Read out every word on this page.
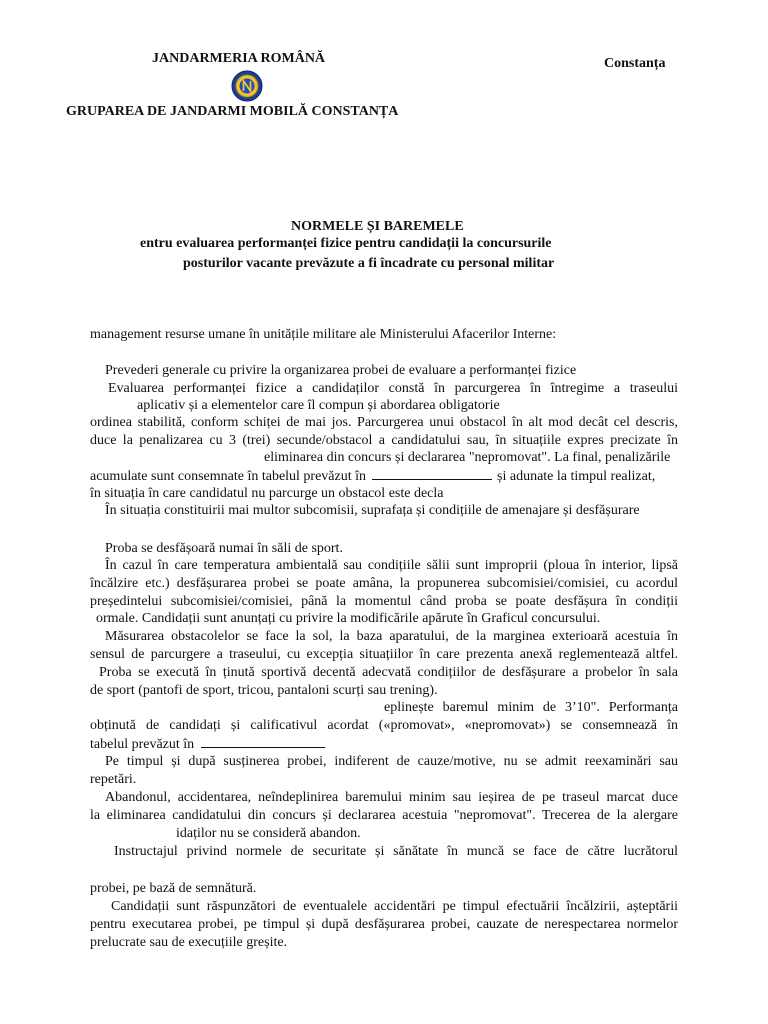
JANDARMERIA ROMÂNĂ	Constanța
GRUPAREA DE JANDARMI MOBILĂ CONSTANȚA
NORMELE ȘI BAREMELE
entru evaluarea performanței fizice pentru candidații la concursurile
posturilor vacante prevăzute a fi încadrate cu personal militar
management resurse umane în unitățile militare ale Ministerului Afacerilor Interne:
Prevederi generale cu privire la organizarea probei de evaluare a performanței fizice
Evaluarea performanței fizice a candidaților constă în parcurgerea în întregime a traseului
aplicativ și a elementelor care îl compun și abordarea obligatorie
ordinea stabilită, conform schiței de mai jos. Parcurgerea unui obstacol în alt mod decât cel descris,
duce la penalizarea cu 3 (trei) secunde/obstacol a candidatului sau, în situațiile expres precizate în
eliminarea din concurs și declararea "nepromovat". La final, penalizările
acumulate sunt consemnate în tabelul prevăzut în	și adunate la timpul realizat,
în situația în care candidatul nu parcurge un obstacol este decla
În situația constituirii mai multor subcomisii, suprafața și condițiile de amenajare și desfășurare
Proba se desfășoară numai în săli de sport.
În cazul în care temperatura ambientală sau condițiile sălii sunt improprii (ploua în interior, lipsă
încălzire etc.) desfășurarea probei se poate amâna, la propunerea subcomisiei/comisiei, cu acordul
președintelui subcomisiei/comisiei, până la momentul când proba se poate desfășura în condiții
ormale. Candidații sunt anunțați cu privire la modificările apărute în Graficul concursului.
Măsurarea obstacolelor se face la sol, la baza aparatului, de la marginea exterioară acestuia în
sensul de parcurgere a traseului, cu excepția situațiilor în care prezenta anexă reglementează altfel.
Proba se execută în ținută sportivă decentă adecvată condițiilor de desfășurare a probelor în sala
de sport (pantofi de sport, tricou, pantaloni scurți sau trening).
eplinește baremul minim de 3’10". Performanța
obținută de candidați și calificativul acordat («promovat», «nepromovat») se consemnează în
tabelul prevăzut în
Pe timpul și după susținerea probei, indiferent de cauze/motive, nu se admit reexaminări sau
repetări.
Abandonul, accidentarea, neîndeplinirea baremului minim sau ieșirea de pe traseul marcat duce
la eliminarea candidatului din concurs și declararea acestuia "nepromovat". Trecerea de la alergare
idaților nu se consideră abandon.
Instructajul privind normele de securitate și sănătate în muncă se face de către lucrătorul
probei, pe bază de semnătură.
Candidații sunt răspunzători de eventualele accidentări pe timpul efectuării încălzirii, așteptării
pentru executarea probei, pe timpul și după desfășurarea probei, cauzate de nerespectarea normelor
prelucrate sau de execuțiile greșite.
